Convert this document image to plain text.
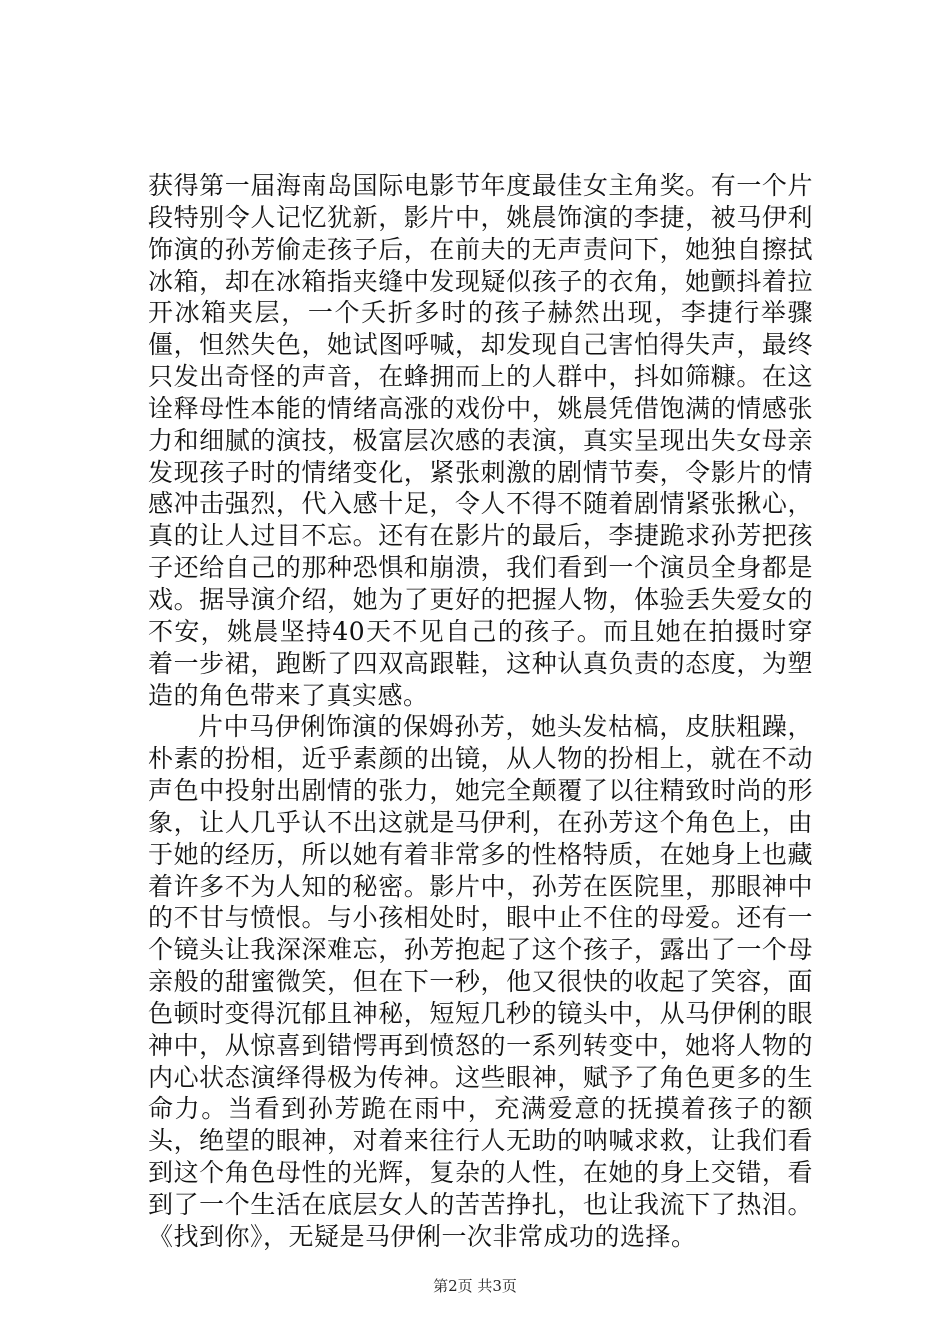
获得第一届海南岛国际电影节年度最佳女主角奖。有一个片段特别令人记忆犹新，影片中，姚晨饰演的李捷，被马伊利饰演的孙芳偷走孩子后，在前夫的无声责问下，她独自擦拭冰箱，却在冰箱指夹缝中发现疑似孩子的衣角，她颤抖着拉开冰箱夹层，一个夭折多时的孩子赫然出现，李捷行举骤僵，怛然失色，她试图呼喊，却发现自己害怕得失声，最终只发出奇怪的声音，在蜂拥而上的人群中，抖如筛糠。在这诠释母性本能的情绪高涨的戏份中，姚晨凭借饱满的情感张力和细腻的演技，极富层次感的表演，真实呈现出失女母亲发现孩子时的情绪变化，紧张刺激的剧情节奏，令影片的情感冲击强烈，代入感十足，令人不得不随着剧情紧张揪心，真的让人过目不忘。还有在影片的最后，李捷跪求孙芳把孩子还给自己的那种恐惧和崩溃，我们看到一个演员全身都是戏。据导演介绍，她为了更好的把握人物，体验丢失爱女的不安，姚晨坚持40天不见自己的孩子。而且她在拍摄时穿着一步裙，跑断了四双高跟鞋，这种认真负责的态度，为塑造的角色带来了真实感。

片中马伊俐饰演的保姆孙芳，她头发枯槁，皮肤粗躁，朴素的扮相，近乎素颜的出镜，从人物的扮相上，就在不动声色中投射出剧情的张力，她完全颠覆了以往精致时尚的形象，让人几乎认不出这就是马伊利，在孙芳这个角色上，由于她的经历，所以她有着非常多的性格特质，在她身上也藏着许多不为人知的秘密。影片中，孙芳在医院里，那眼神中的不甘与愤恨。与小孩相处时，眼中止不住的母爱。还有一个镜头让我深深难忘，孙芳抱起了这个孩子，露出了一个母亲般的甜蜜微笑，但在下一秒，他又很快的收起了笑容，面色顿时变得沉郁且神秘，短短几秒的镜头中，从马伊俐的眼神中，从惊喜到错愕再到愤怒的一系列转变中，她将人物的内心状态演绎得极为传神。这些眼神，赋予了角色更多的生命力。当看到孙芳跪在雨中，充满爱意的抚摸着孩子的额头，绝望的眼神，对着来往行人无助的呐喊求救，让我们看到这个角色母性的光辉，复杂的人性，在她的身上交错，看到了一个生活在底层女人的苦苦挣扎，也让我流下了热泪。《找到你》，无疑是马伊俐一次非常成功的选择。

第2页 共3页
